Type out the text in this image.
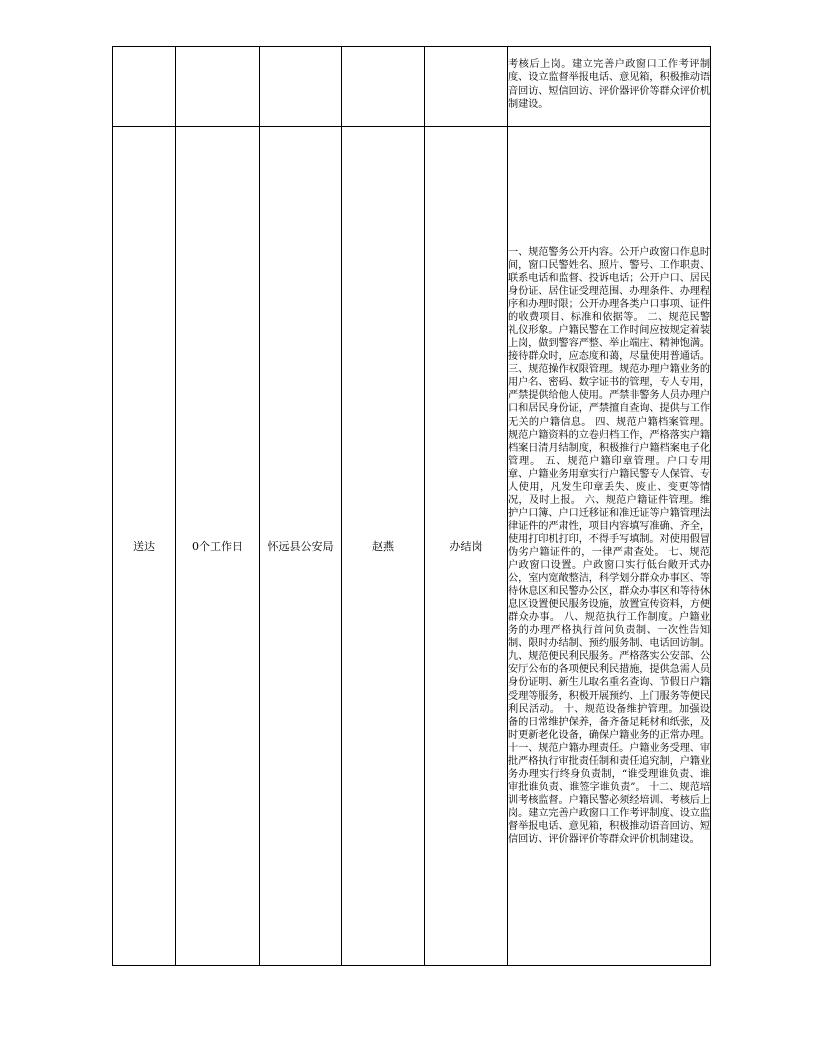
					考核后上岗。建立完善户政窗口工作考评制度、设立监督举报电话、意见箱，积极推动语音回访、短信回访、评价器评价等群众评价机制建设。

送达	0个工作日	怀远县公安局	赵燕	办结岗	一、规范警务公开内容。公开户政窗口作息时间，窗口民警姓名、照片、警号、工作职责、联系电话和监督、投诉电话；公开户口、居民身份证、居住证受理范围、办理条件、办理程序和办理时限；公开办理各类户口事项、证件的收费项目、标准和依据等。 二、规范民警礼仪形象。户籍民警在工作时间应按规定着装上岗，做到警容严整、举止端庄、精神饱满。接待群众时，应态度和蔼，尽量使用普通话。三、规范操作权限管理。规范办理户籍业务的用户名、密码、数字证书的管理，专人专用，严禁提供给他人使用。严禁非警务人员办理户口和居民身份证，严禁擅自查询、提供与工作无关的户籍信息。 四、规范户籍档案管理。规范户籍资料的立卷归档工作，严格落实户籍档案日清月结制度，积极推行户籍档案电子化管理。 五、规范户籍印章管理。户口专用章、户籍业务用章实行户籍民警专人保管、专人使用，凡发生印章丢失、废止、变更等情况，及时上报。 六、规范户籍证件管理。维护户口簿、户口迁移证和准迁证等户籍管理法律证件的严肃性，项目内容填写准确、齐全，使用打印机打印，不得手写填制。对使用假冒伪劣户籍证件的，一律严肃查处。 七、规范户政窗口设置。户政窗口实行低台敞开式办公，室内宽敞整洁，科学划分群众办事区、等待休息区和民警办公区，群众办事区和等待休息区设置便民服务设施，放置宣传资料，方便群众办事。 八、规范执行工作制度。户籍业务的办理严格执行首问负责制、一次性告知制、限时办结制、预约服务制、电话回访制。 九、规范便民利民服务。严格落实公安部、公安厅公布的各项便民利民措施，提供急需人员身份证明、新生儿取名重名查询、节假日户籍受理等服务，积极开展预约、上门服务等便民利民活动。 十、规范设备维护管理。加强设备的日常维护保养，备齐备足耗材和纸张，及时更新老化设备，确保户籍业务的正常办理。 十一、规范户籍办理责任。户籍业务受理、审批严格执行审批责任制和责任追究制，户籍业务办理实行终身负责制，“谁受理谁负责、谁审批谁负责、谁签字谁负责”。 十二、规范培训考核监督。户籍民警必须经培训、考核后上岗。建立完善户政窗口工作考评制度、设立监督举报电话、意见箱，积极推动语音回访、短信回访、评价器评价等群众评价机制建设。
